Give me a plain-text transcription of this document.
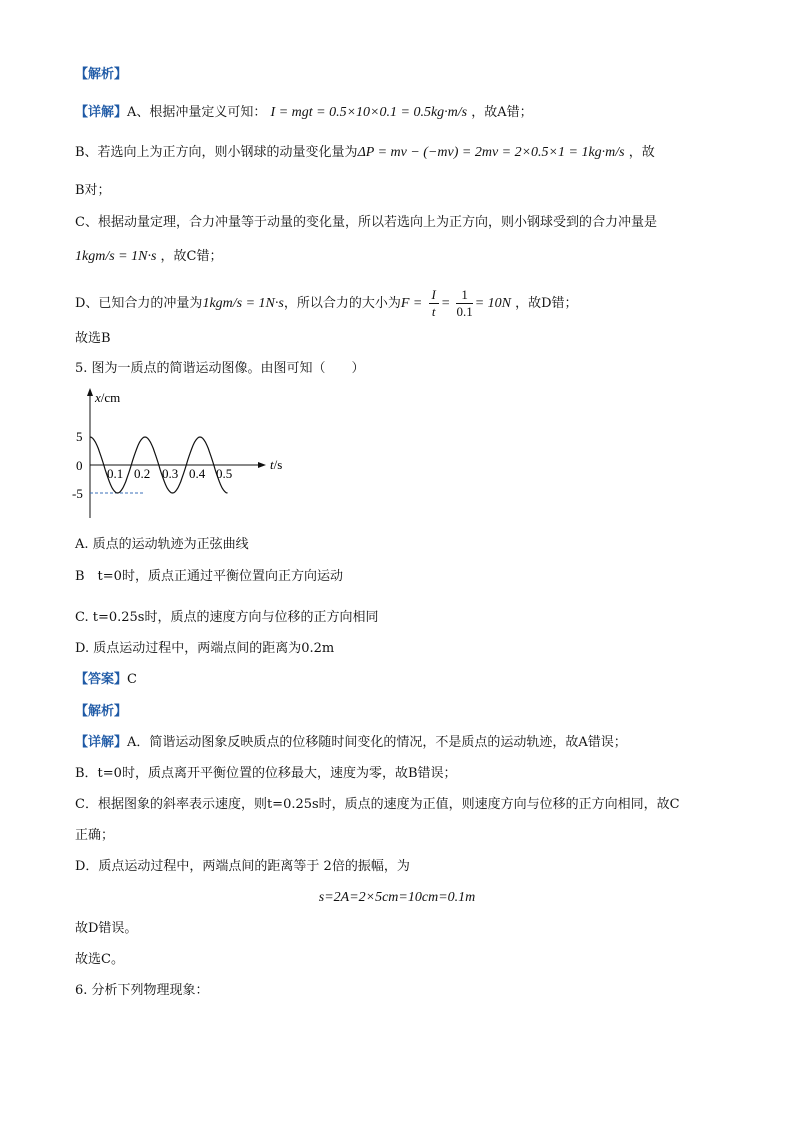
【解析】
【详解】A、根据冲量定义可知： I = mgt = 0.5×10×0.1 = 0.5kg·m/s ，故A错；
B、若选向上为正方向，则小钢球的动量变化量为ΔP = mv − (−mv) = 2mv = 2×0.5×1 = 1kg·m/s ，故
B对；
C、根据动量定理，合力冲量等于动量的变化量，所以若选向上为正方向，则小钢球受到的合力冲量是
1kgm/s = 1N·s ，故C错；
D、已知合力的冲量为1kgm/s = 1N·s，所以合力的大小为$F = \frac{I}{t} = \frac{1}{0.1} = 10N$ ，故D错；
故选B
5. 图为一质点的简谐运动图像。由图可知（　　）
x/cm
t/s
5
0
-5
0.1 0.2 0.3 0.4 0.5
A. 质点的运动轨迹为正弦曲线
B　t=0时，质点正通过平衡位置向正方向运动
C. t=0.25s时，质点的速度方向与位移的正方向相同
D. 质点运动过程中，两端点间的距离为0.2m
【答案】C
【解析】
【详解】A．简谐运动图象反映质点的位移随时间变化的情况，不是质点的运动轨迹，故A错误；
B．t=0时，质点离开平衡位置的位移最大，速度为零，故B错误；
C．根据图象的斜率表示速度，则t=0.25s时，质点的速度为正值，则速度方向与位移的正方向相同，故C
正确；
D．质点运动过程中，两端点间的距离等于 2倍的振幅，为
s=2A=2×5cm=10cm=0.1m
故D错误。
故选C。
6. 分析下列物理现象：
